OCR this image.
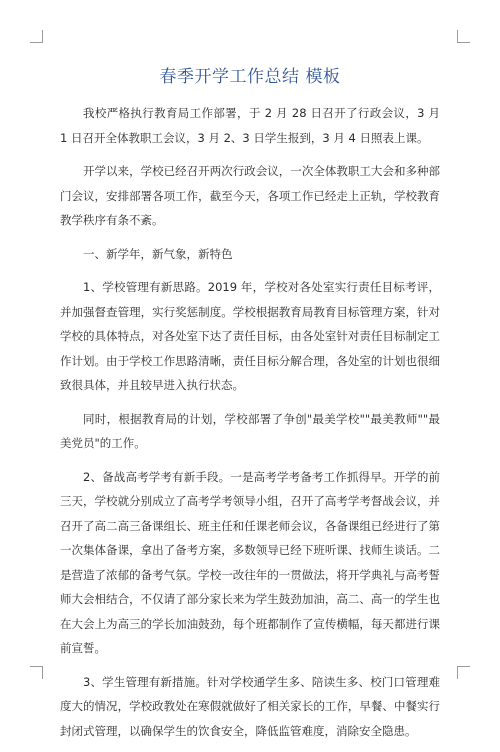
春季开学工作总结 模板

我校严格执行教育局工作部署，于 2 月 28 日召开了行政会议，3 月 1 日召开全体教职工会议，3 月 2、3 日学生报到，3 月 4 日照表上课。

开学以来，学校已经召开两次行政会议，一次全体教职工大会和多种部门会议，安排部署各项工作，截至今天，各项工作已经走上正轨，学校教育教学秩序有条不紊。

一、新学年，新气象，新特色

1、学校管理有新思路。2019 年，学校对各处室实行责任目标考评，并加强督查管理，实行奖惩制度。学校根据教育局教育目标管理方案，针对学校的具体特点，对各处室下达了责任目标，由各处室针对责任目标制定工作计划。由于学校工作思路清晰，责任目标分解合理，各处室的计划也很细致很具体，并且较早进入执行状态。

同时，根据教育局的计划，学校部署了争创"最美学校""最美教师""最美党员"的工作。

2、备战高考学考有新手段。一是高考学考备考工作抓得早。开学的前三天，学校就分别成立了高考学考领导小组，召开了高考学考督战会议，并召开了高二高三备课组长、班主任和任课老师会议，各备课组已经进行了第一次集体备课，拿出了备考方案，多数领导已经下班听课、找师生谈话。二是营造了浓郁的备考气氛。学校一改往年的一贯做法，将开学典礼与高考誓师大会相结合，不仅请了部分家长来为学生鼓劲加油，高二、高一的学生也在大会上为高三的学长加油鼓劲，每个班都制作了宣传横幅，每天都进行课前宣誓。

3、学生管理有新措施。针对学校通学生多、陪读生多、校门口管理难度大的情况，学校政教处在寒假就做好了相关家长的工作，早餐、中餐实行封闭式管理，以确保学生的饮食安全，降低监管难度，消除安全隐患。
